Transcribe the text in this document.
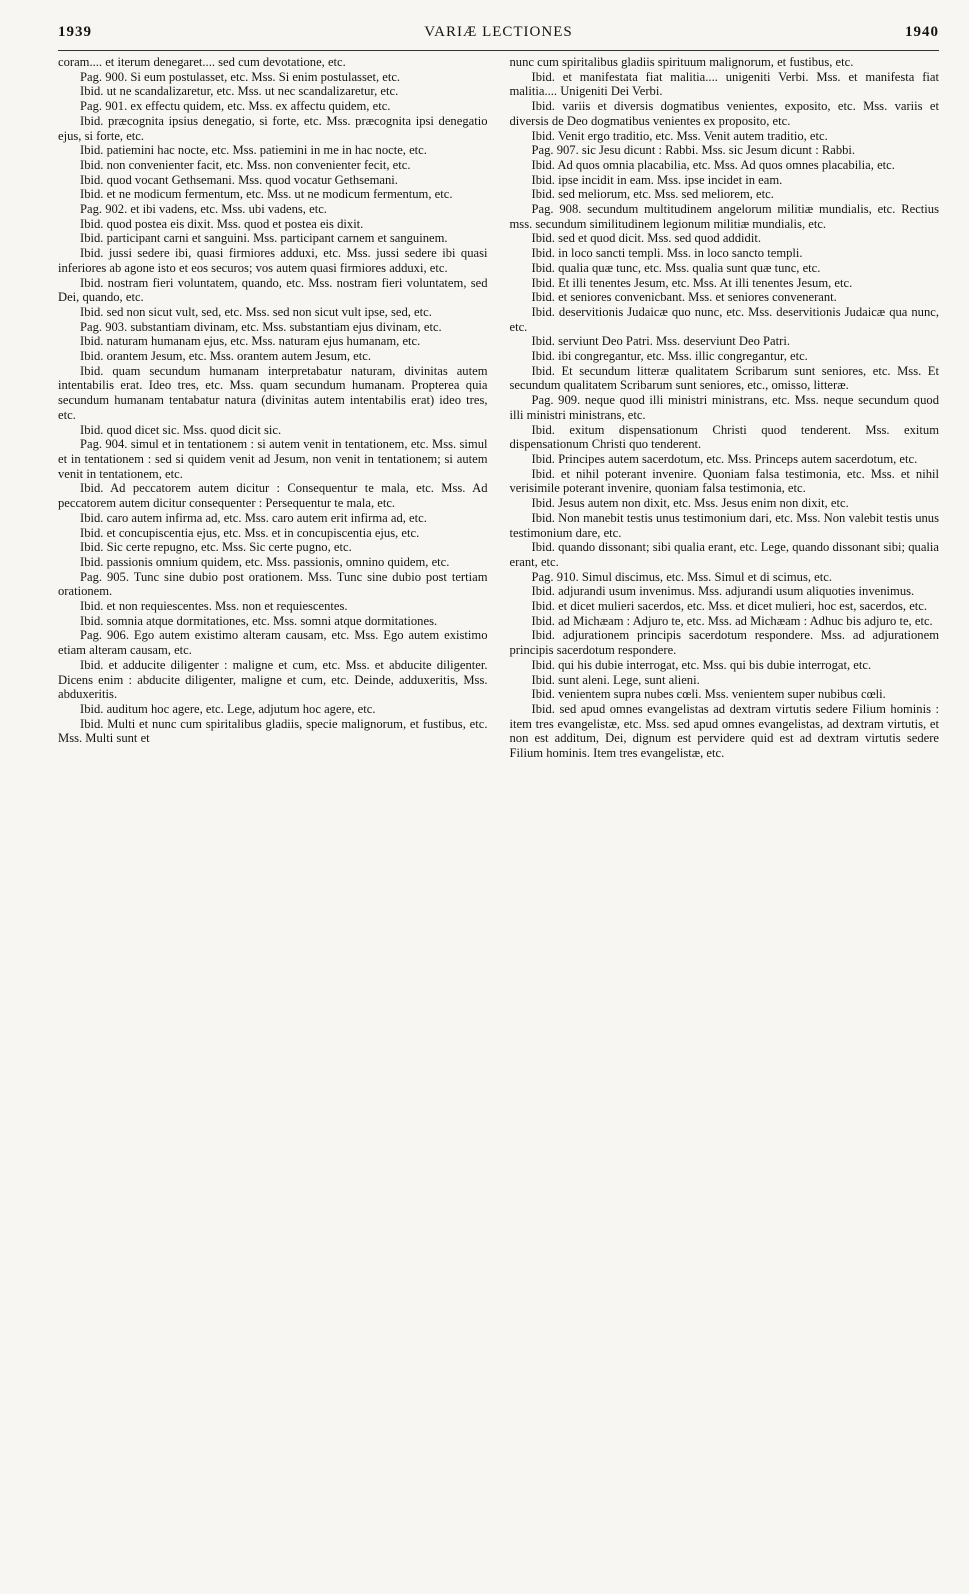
1939	VARIÆ LECTIONES	1940

coram.... et iterum denegaret.... sed cum devotatione, etc.

Pag. 900. Si eum postulasset, etc. Mss. Si enim postulasset, etc.

Ibid. ut ne scandalizaretur, etc. Mss. ut nec scandalizaretur, etc.

Pag. 901. ex effectu quidem, etc. Mss. ex affectu quidem, etc.

Ibid. præcognita ipsius denegatio, si forte, etc. Mss. præcognita ipsi denegatio ejus, si forte, etc.

Ibid. patiemini hac nocte, etc. Mss. patiemini in me in hac nocte, etc.

Ibid. non convenienter facit, etc. Mss. non convenienter fecit, etc.

Ibid. quod vocant Gethsemani. Mss. quod vocatur Gethsemani.

Ibid. et ne modicum fermentum, etc. Mss. ut ne modicum fermentum, etc.

Pag. 902. et ibi vadens, etc. Mss. ubi vadens, etc.

Ibid. quod postea eis dixit. Mss. quod et postea eis dixit.

Ibid. participant carni et sanguini. Mss. participant carnem et sanguinem.

Ibid. jussi sedere ibi, quasi firmiores adduxi, etc. Mss. jussi sedere ibi quasi inferiores ab agone isto et eos securos; vos autem quasi firmiores adduxi, etc.

Ibid. nostram fieri voluntatem, quando, etc. Mss. nostram fieri voluntatem, sed Dei, quando, etc.

Ibid. sed non sicut vult, sed, etc. Mss. sed non sicut vult ipse, sed, etc.

Pag. 903. substantiam divinam, etc. Mss. substantiam ejus divinam, etc.

Ibid. naturam humanam ejus, etc. Mss. naturam ejus humanam, etc.

Ibid. orantem Jesum, etc. Mss. orantem autem Jesum, etc.

Ibid. quam secundum humanam interpretabatur naturam, divinitas autem intentabilis erat. Ideo tres, etc. Mss. quam secundum humanam. Propterea quia secundum humanam tentabatur natura (divinitas autem intentabilis erat) ideo tres, etc.

Ibid. quod dicet sic. Mss. quod dicit sic.

Pag. 904. simul et in tentationem : si autem venit in tentationem, etc. Mss. simul et in tentationem : sed si quidem venit ad Jesum, non venit in tentationem; si autem venit in tentationem, etc.

Ibid. Ad peccatorem autem dicitur : Consequentur te mala, etc. Mss. Ad peccatorem autem dicitur consequenter : Persequentur te mala, etc.

Ibid. caro autem infirma ad, etc. Mss. caro autem erit infirma ad, etc.

Ibid. et concupiscentia ejus, etc. Mss. et in concupiscentia ejus, etc.

Ibid. Sic certe repugno, etc. Mss. Sic certe pugno, etc.

Ibid. passionis omnium quidem, etc. Mss. passionis, omnino quidem, etc.

Pag. 905. Tunc sine dubio post orationem. Mss. Tunc sine dubio post tertiam orationem.

Ibid. et non requiescentes. Mss. non et requiescentes.

Ibid. somnia atque dormitationes, etc. Mss. somni atque dormitationes.

Pag. 906. Ego autem existimo alteram causam, etc. Mss. Ego autem existimo etiam alteram causam, etc.

Ibid. et adducite diligenter : maligne et cum, etc. Mss. et abducite diligenter. Dicens enim : abducite diligenter, maligne et cum, etc. Deinde, adduxeritis, Mss. abduxeritis.

Ibid. auditum hoc agere, etc. Lege, adjutum hoc agere, etc.

Ibid. Multi et nunc cum spiritalibus gladiis, specie malignorum, et fustibus, etc. Mss. Multi sunt et

nunc cum spiritalibus gladiis spirituum malignorum, et fustibus, etc.

Ibid. et manifestata fiat malitia.... unigeniti Verbi. Mss. et manifesta fiat malitia.... Unigeniti Dei Verbi.

Ibid. variis et diversis dogmatibus venientes, exposito, etc. Mss. variis et diversis de Deo dogmatibus venientes ex proposito, etc.

Ibid. Venit ergo traditio, etc. Mss. Venit autem traditio, etc.

Pag. 907. sic Jesu dicunt : Rabbi. Mss. sic Jesum dicunt : Rabbi.

Ibid. Ad quos omnia placabilia, etc. Mss. Ad quos omnes placabilia, etc.

Ibid. ipse incidit in eam. Mss. ipse incidet in eam.

Ibid. sed meliorum, etc. Mss. sed meliorem, etc.

Pag. 908. secundum multitudinem angelorum militiæ mundialis, etc. Rectius mss. secundum similitudinem legionum militiæ mundialis, etc.

Ibid. sed et quod dicit. Mss. sed quod addidit.

Ibid. in loco sancti templi. Mss. in loco sancto templi.

Ibid. qualia quæ tunc, etc. Mss. qualia sunt quæ tunc, etc.

Ibid. Et illi tenentes Jesum, etc. Mss. At illi tenentes Jesum, etc.

Ibid. et seniores convenicbant. Mss. et seniores convenerant.

Ibid. deservitionis Judaicæ quo nunc, etc. Mss. deservitionis Judaicæ qua nunc, etc.

Ibid. serviunt Deo Patri. Mss. deserviunt Deo Patri.

Ibid. ibi congregantur, etc. Mss. illic congregantur, etc.

Ibid. Et secundum litteræ qualitatem Scribarum sunt seniores, etc. Mss. Et secundum qualitatem Scribarum sunt seniores, etc., omisso, litteræ.

Pag. 909. neque quod illi ministri ministrans, etc. Mss. neque secundum quod illi ministri ministrans, etc.

Ibid. exitum dispensationum Christi quod tenderent. Mss. exitum dispensationum Christi quo tenderent.

Ibid. Principes autem sacerdotum, etc. Mss. Princeps autem sacerdotum, etc.

Ibid. et nihil poterant invenire. Quoniam falsa testimonia, etc. Mss. et nihil verisimile poterant invenire, quoniam falsa testimonia, etc.

Ibid. Jesus autem non dixit, etc. Mss. Jesus enim non dixit, etc.

Ibid. Non manebit testis unus testimonium dari, etc. Mss. Non valebit testis unus testimonium dare, etc.

Ibid. quando dissonant; sibi qualia erant, etc. Lege, quando dissonant sibi; qualia erant, etc.

Pag. 910. Simul discimus, etc. Mss. Simul et di scimus, etc.

Ibid. adjurandi usum invenimus. Mss. adjurandi usum aliquoties invenimus.

Ibid. et dicet mulieri sacerdos, etc. Mss. et dicet mulieri, hoc est, sacerdos, etc.

Ibid. ad Michæam : Adjuro te, etc. Mss. ad Michæam : Adhuc bis adjuro te, etc.

Ibid. adjurationem principis sacerdotum respondere. Mss. ad adjurationem principis sacerdotum respondere.

Ibid. qui his dubie interrogat, etc. Mss. qui bis dubie interrogat, etc.

Ibid. sunt aleni. Lege, sunt alieni.

Ibid. venientem supra nubes cœli. Mss. venientem super nubibus cœli.

Ibid. sed apud omnes evangelistas ad dextram virtutis sedere Filium hominis : item tres evangelistæ, etc. Mss. sed apud omnes evangelistas, ad dextram virtutis, et non est additum, Dei, dignum est pervidere quid est ad dextram virtutis sedere Filium hominis. Item tres evangelistæ, etc.
